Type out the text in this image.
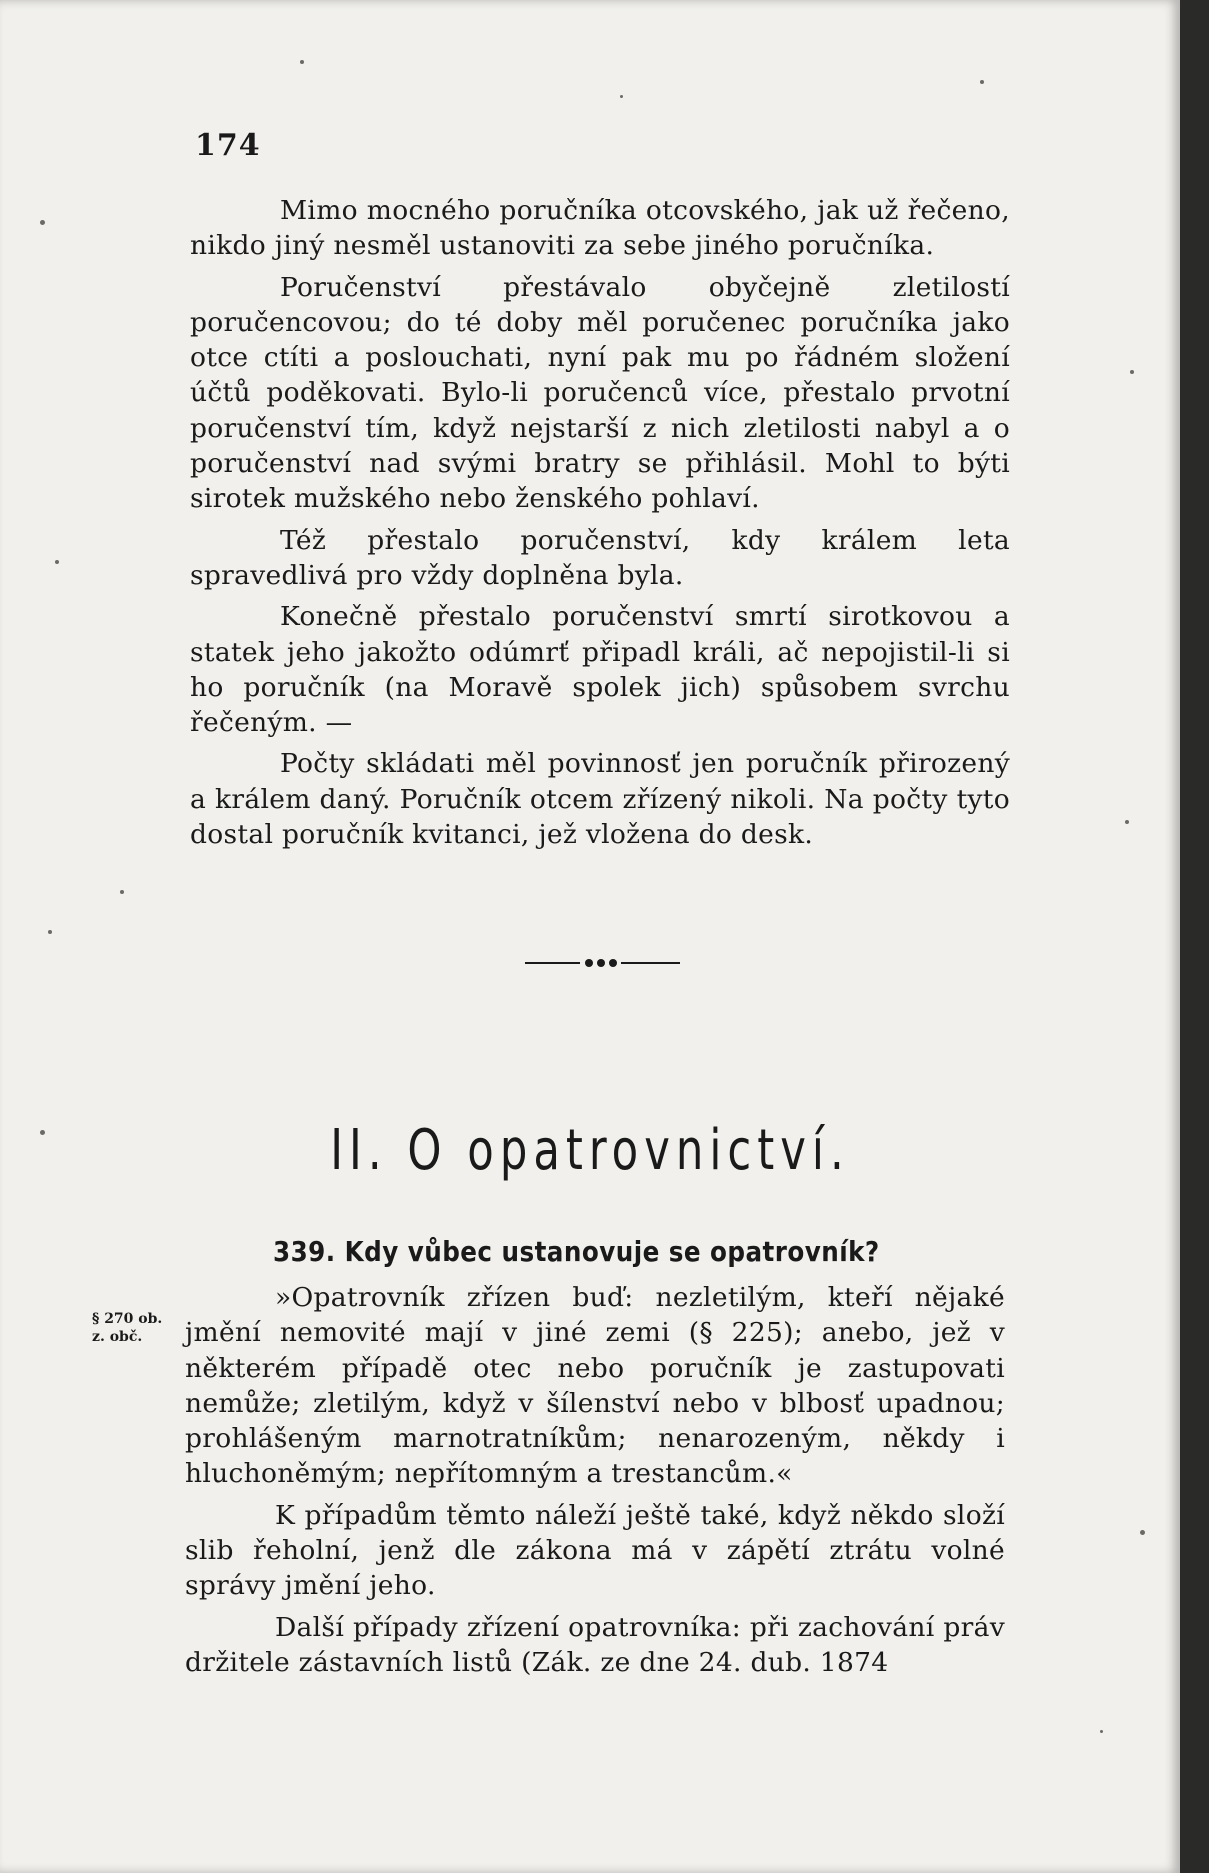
174

Mimo mocného poručníka otcovského, jak už řečeno, nikdo jiný nesměl ustanoviti za sebe jiného poručníka.

Poručenství přestávalo obyčejně zletilostí poručencovou; do té doby měl poručenec poručníka jako otce ctíti a poslouchati, nyní pak mu po řádném složení účtů poděkovati. Bylo-li poručenců více, přestalo prvotní poručenství tím, když nejstarší z nich zletilosti nabyl a o poručenství nad svými bratry se přihlásil. Mohl to býti sirotek mužského nebo ženského pohlaví.

Též přestalo poručenství, kdy králem leta spravedlivá pro vždy doplněna byla.

Konečně přestalo poručenství smrtí sirotkovou a statek jeho jakožto odúmrť připadl králi, ač nepojistil-li si ho poručník (na Moravě spolek jich) spůsobem svrchu řečeným. —

Počty skládati měl povinnosť jen poručník přirozený a králem daný. Poručník otcem zřízený nikoli. Na počty tyto dostal poručník kvitanci, jež vložena do desk.

II. O opatrovnictví.
339. Kdy vůbec ustanovuje se opatrovník?
§ 270 ob.
z. obč.

»Opatrovník zřízen buď: nezletilým, kteří nějaké jmění nemovité mají v jiné zemi (§ 225); anebo, jež v některém případě otec nebo poručník je zastupovati nemůže; zletilým, když v šílenství nebo v blbosť upadnou; prohlášeným marnotratníkům; nenarozeným, někdy i hluchoněmým; nepřítomným a trestancům.«

K případům těmto náleží ještě také, když někdo složí slib řeholní, jenž dle zákona má v zápětí ztrátu volné správy jmění jeho.

Další případy zřízení opatrovníka: při zachování práv držitele zástavních listů (Zák. ze dne 24. dub. 1874
